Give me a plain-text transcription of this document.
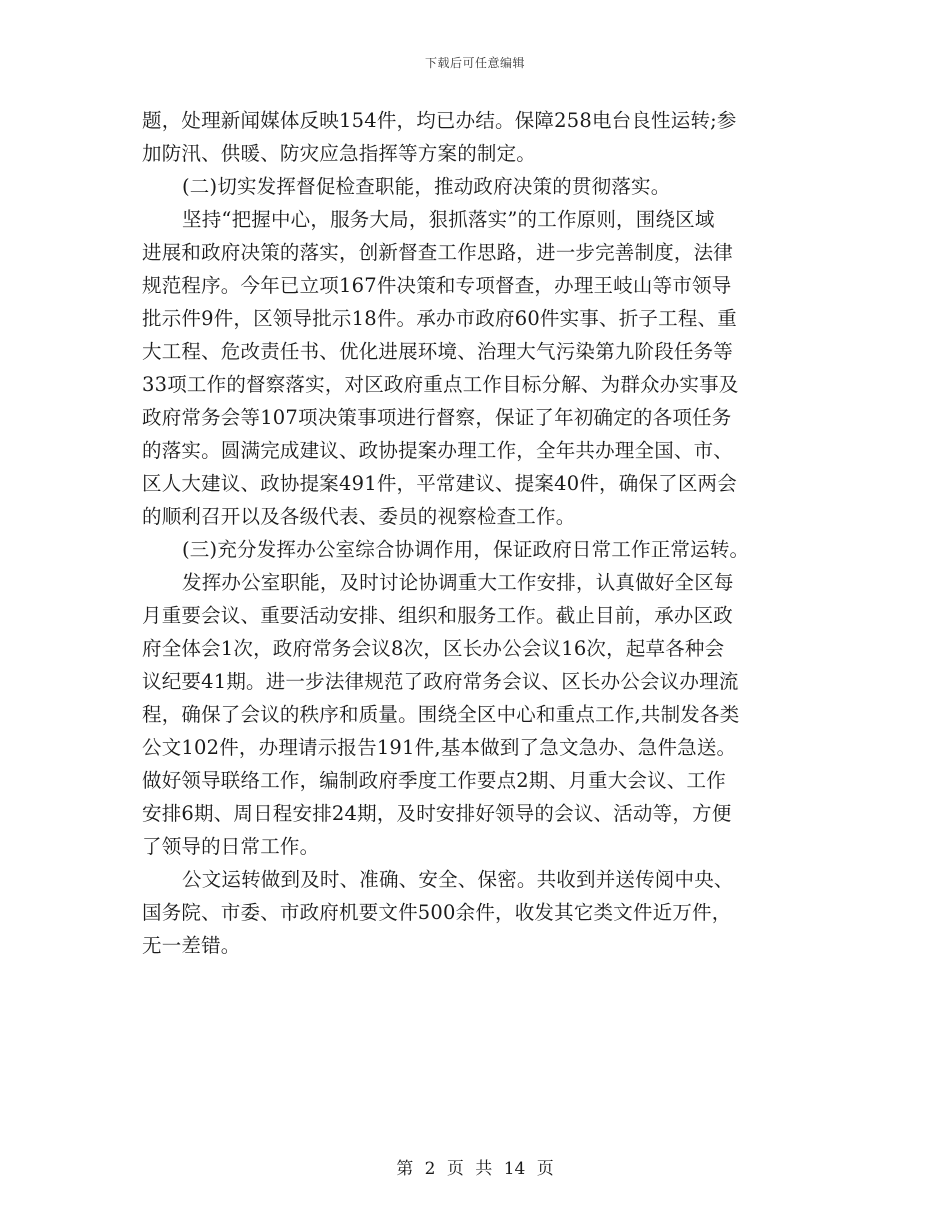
下载后可任意编辑
题，处理新闻媒体反映154件，均已办结。保障258电台良性运转;参
加防汛、供暖、防灾应急指挥等方案的制定。
(二)切实发挥督促检查职能，推动政府决策的贯彻落实。
坚持“把握中心，服务大局，狠抓落实”的工作原则，围绕区域
进展和政府决策的落实，创新督查工作思路，进一步完善制度，法律
规范程序。今年已立项167件决策和专项督查，办理王岐山等市领导
批示件9件，区领导批示18件。承办市政府60件实事、折子工程、重
大工程、危改责任书、优化进展环境、治理大气污染第九阶段任务等
33项工作的督察落实，对区政府重点工作目标分解、为群众办实事及
政府常务会等107项决策事项进行督察，保证了年初确定的各项任务
的落实。圆满完成建议、政协提案办理工作，全年共办理全国、市、
区人大建议、政协提案491件，平常建议、提案40件，确保了区两会
的顺利召开以及各级代表、委员的视察检查工作。
(三)充分发挥办公室综合协调作用，保证政府日常工作正常运转。
发挥办公室职能，及时讨论协调重大工作安排，认真做好全区每
月重要会议、重要活动安排、组织和服务工作。截止目前，承办区政
府全体会1次，政府常务会议8次，区长办公会议16次，起草各种会
议纪要41期。进一步法律规范了政府常务会议、区长办公会议办理流
程，确保了会议的秩序和质量。围绕全区中心和重点工作,共制发各类
公文102件，办理请示报告191件,基本做到了急文急办、急件急送。
做好领导联络工作，编制政府季度工作要点2期、月重大会议、工作
安排6期、周日程安排24期，及时安排好领导的会议、活动等，方便
了领导的日常工作。
公文运转做到及时、准确、安全、保密。共收到并送传阅中央、
国务院、市委、市政府机要文件500余件，收发其它类文件近万件，
无一差错。
第 2 页 共 14 页
